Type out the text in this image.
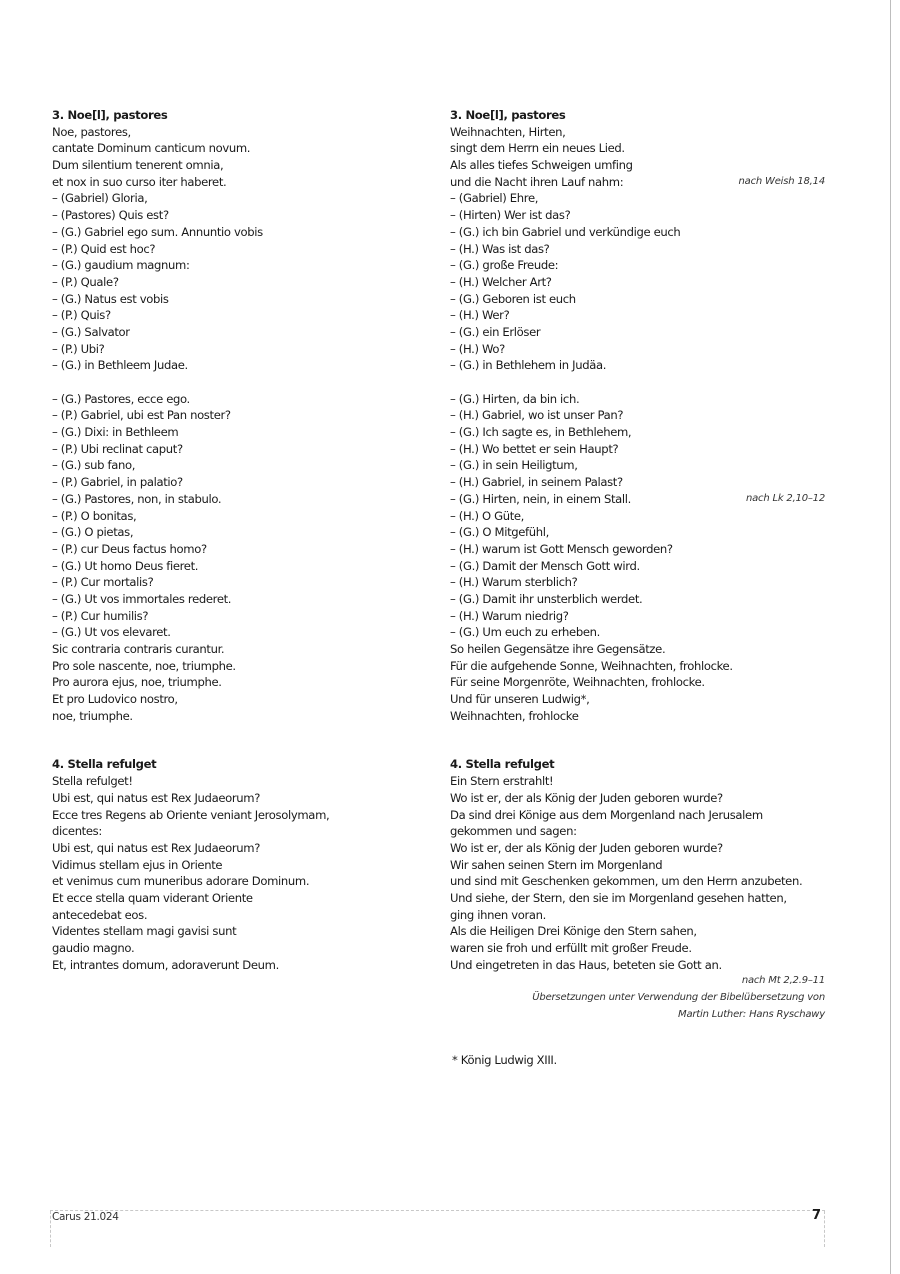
3. Noe[l], pastores
Noe, pastores,
cantate Dominum canticum novum.
Dum silentium tenerent omnia,
et nox in suo curso iter haberet.
– (Gabriel) Gloria,
– (Pastores) Quis est?
– (G.) Gabriel ego sum. Annuntio vobis
– (P.) Quid est hoc?
– (G.) gaudium magnum:
– (P.) Quale?
– (G.) Natus est vobis
– (P.) Quis?
– (G.) Salvator
– (P.) Ubi?
– (G.) in Bethleem Judae.
– (G.) Pastores, ecce ego.
– (P.) Gabriel, ubi est Pan noster?
– (G.) Dixi: in Bethleem
– (P.) Ubi reclinat caput?
– (G.) sub fano,
– (P.) Gabriel, in palatio?
– (G.) Pastores, non, in stabulo.
– (P.) O bonitas,
– (G.) O pietas,
– (P.) cur Deus factus homo?
– (G.) Ut homo Deus fieret.
– (P.) Cur mortalis?
– (G.) Ut vos immortales rederet.
– (P.) Cur humilis?
– (G.) Ut vos elevaret.
Sic contraria contraris curantur.
Pro sole nascente, noe, triumphe.
Pro aurora ejus, noe, triumphe.
Et pro Ludovico nostro,
noe, triumphe.
4. Stella refulget
Stella refulget!
Ubi est, qui natus est Rex Judaeorum?
Ecce tres Regens ab Oriente veniant Jerosolymam,
dicentes:
Ubi est, qui natus est Rex Judaeorum?
Vidimus stellam ejus in Oriente
et venimus cum muneribus adorare Dominum.
Et ecce stella quam viderant Oriente
antecedebat eos.
Videntes stellam magi gavisi sunt
gaudio magno.
Et, intrantes domum, adoraverunt Deum.
3. Noe[l], pastores
Weihnachten, Hirten,
singt dem Herrn ein neues Lied.
Als alles tiefes Schweigen umfing
und die Nacht ihren Lauf nahm:	nach Weish 18,14
– (Gabriel) Ehre,
– (Hirten) Wer ist das?
– (G.) ich bin Gabriel und verkündige euch
– (H.) Was ist das?
– (G.) große Freude:
– (H.) Welcher Art?
– (G.) Geboren ist euch
– (H.) Wer?
– (G.) ein Erlöser
– (H.) Wo?
– (G.) in Bethlehem in Judäa.
– (G.) Hirten, da bin ich.
– (H.) Gabriel, wo ist unser Pan?
– (G.) Ich sagte es, in Bethlehem,
– (H.) Wo bettet er sein Haupt?
– (G.) in sein Heiligtum,
– (H.) Gabriel, in seinem Palast?
– (G.) Hirten, nein, in einem Stall.	nach Lk 2,10–12
– (H.) O Güte,
– (G.) O Mitgefühl,
– (H.) warum ist Gott Mensch geworden?
– (G.) Damit der Mensch Gott wird.
– (H.) Warum sterblich?
– (G.) Damit ihr unsterblich werdet.
– (H.) Warum niedrig?
– (G.) Um euch zu erheben.
So heilen Gegensätze ihre Gegensätze.
Für die aufgehende Sonne, Weihnachten, frohlocke.
Für seine Morgenröte, Weihnachten, frohlocke.
Und für unseren Ludwig*,
Weihnachten, frohlocke
4. Stella refulget
Ein Stern erstrahlt!
Wo ist er, der als König der Juden geboren wurde?
Da sind drei Könige aus dem Morgenland nach Jerusalem
gekommen und sagen:
Wo ist er, der als König der Juden geboren wurde?
Wir sahen seinen Stern im Morgenland
und sind mit Geschenken gekommen, um den Herrn anzubeten.
Und siehe, der Stern, den sie im Morgenland gesehen hatten,
ging ihnen voran.
Als die Heiligen Drei Könige den Stern sahen,
waren sie froh und erfüllt mit großer Freude.
Und eingetreten in das Haus, beteten sie Gott an.
nach Mt 2,2.9–11
Übersetzungen unter Verwendung der Bibelübersetzung von
Martin Luther: Hans Ryschawy
* König Ludwig XIII.
Carus 21.024	7
